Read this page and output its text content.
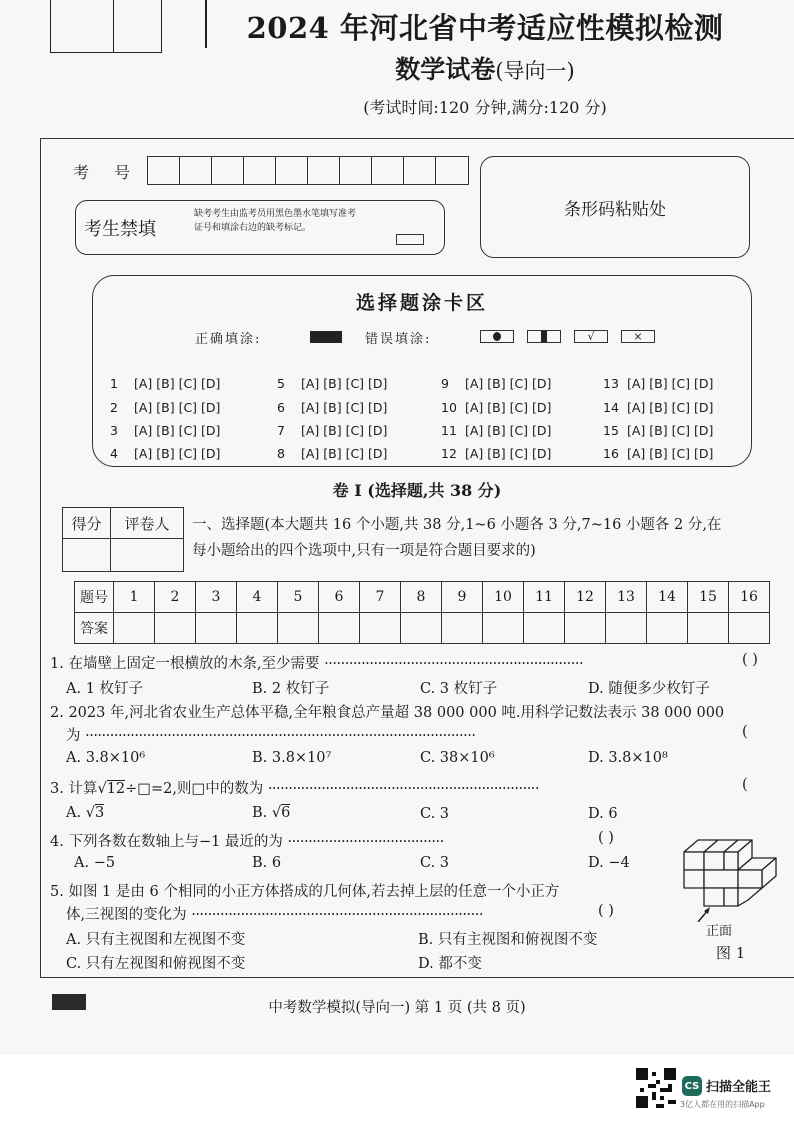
2024 年河北省中考适应性模拟检测
数学试卷(导向一)
(考试时间:120 分钟,满分:120 分)
考 号
条形码粘贴处
考生禁填
缺考考生由监考员用黑色墨水笔填写准考证号和填涂右边的缺考标记。
选择题涂卡区
正确填涂:	错误填涂:	√	×
1 [A] [B] [C] [D]
2 [A] [B] [C] [D]
3 [A] [B] [C] [D]
4 [A] [B] [C] [D]
5 [A] [B] [C] [D]
6 [A] [B] [C] [D]
7 [A] [B] [C] [D]
8 [A] [B] [C] [D]
9 [A] [B] [C] [D]
10 [A] [B] [C] [D]
11 [A] [B] [C] [D]
12 [A] [B] [C] [D]
13 [A] [B] [C] [D]
14 [A] [B] [C] [D]
15 [A] [B] [C] [D]
16 [A] [B] [C] [D]
卷 I (选择题,共 38 分)
得分	评卷人
	一、选择题(本大题共 16 个小题,共 38 分,1~6 小题各 3 分,7~16 小题各 2 分,在
每小题给出的四个选项中,只有一项是符合题目要求的)
题号	1	2	3	4	5	6	7	8	9	10	11	12	13	14	15	16
答案																
1. 在墙壁上固定一根横放的木条,至少需要 ·······························································	( )
A. 1 枚钉子	B. 2 枚钉子	C. 3 枚钉子	D. 随便多少枚钉子
2. 2023 年,河北省农业生产总体平稳,全年粮食总产量超 38 000 000 吨.用科学记数法表示 38 000 000
为 ·······························································································	(
A. 3.8×10⁶	B. 3.8×10⁷	C. 38×10⁶	D. 3.8×10⁸
3. 计算√12÷□=2,则□中的数为 ··································································	(
A. √3	B. √6	C. 3	D. 6
4. 下列各数在数轴上与−1 最近的为 ······································	( )
A. −5	B. 6	C. 3	D. −4
5. 如图 1 是由 6 个相同的小正方体搭成的几何体,若去掉上层的任意一个小正方
体,三视图的变化为 ·······································································	( )
A. 只有主视图和左视图不变	B. 只有主视图和俯视图不变
C. 只有左视图和俯视图不变	D. 都不变
正面
图 1
中考数学模拟(导向一) 第 1 页 (共 8 页)
CS 扫描全能王
3亿人都在用的扫描App
